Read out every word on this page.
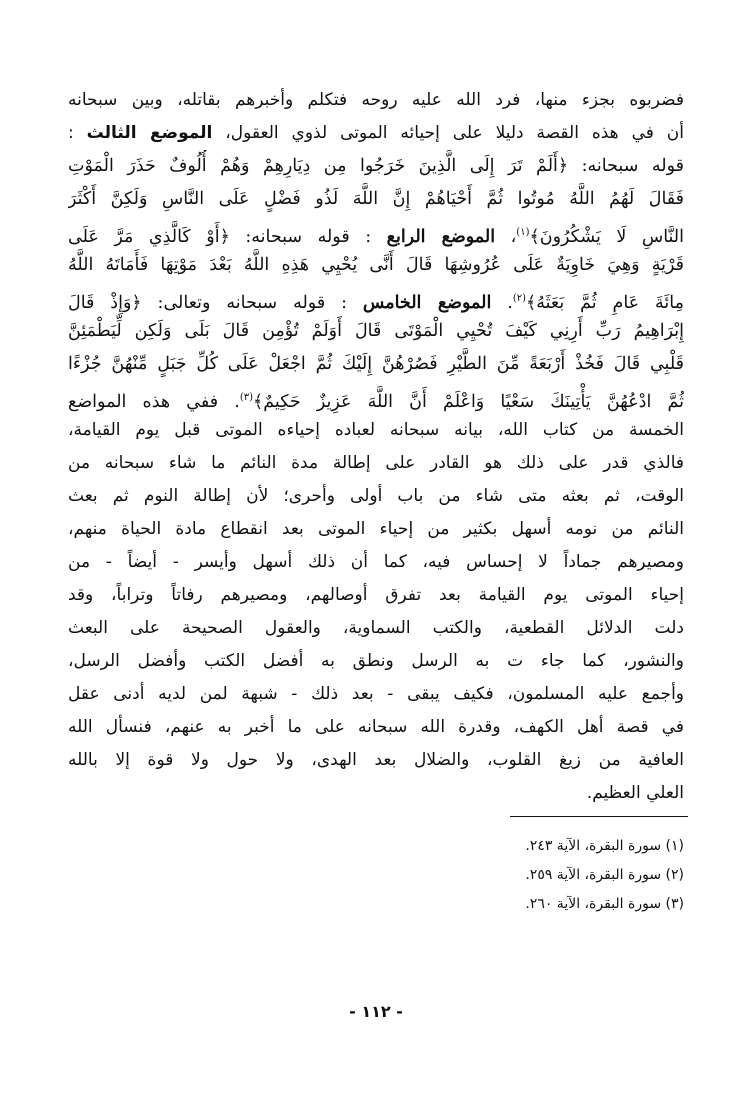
فضربوه بجزء منها، فرد الله عليه روحه فتكلم وأخبرهم بقاتله، وبين سبحانه
أن في هذه القصة دليلا على إحيائه الموتى لذوي العقول، الموضع الثالث :
قوله سبحانه: ﴿أَلَمْ تَرَ إِلَى الَّذِينَ خَرَجُوا مِن دِيَارِهِمْ وَهُمْ أُلُوفٌ حَذَرَ الْمَوْتِ
فَقَالَ لَهُمُ اللَّهُ مُوتُوا ثُمَّ أَحْيَاهُمْ إِنَّ اللَّهَ لَذُو فَضْلٍ عَلَى النَّاسِ وَلَكِنَّ أَكْثَرَ
النَّاسِ لَا يَشْكُرُونَ﴾$^{(١)}$، الموضع الرابع : قوله سبحانه: ﴿أَوْ كَالَّذِي مَرَّ عَلَى
قَرْيَةٍ وَهِيَ خَاوِيَةٌ عَلَى عُرُوشِهَا قَالَ أَنَّى يُحْيِي هَذِهِ اللَّهُ بَعْدَ مَوْتِهَا فَأَمَاتَهُ اللَّهُ
مِائَةَ عَامٍ ثُمَّ بَعَثَهُ﴾$^{(٢)}$. الموضع الخامس : قوله سبحانه وتعالى: ﴿وَإِذْ قَالَ
إِبْرَاهِيمُ رَبِّ أَرِنِي كَيْفَ تُحْيِي الْمَوْتَى قَالَ أَوَلَمْ تُؤْمِن قَالَ بَلَى وَلَكِن لِّيَطْمَئِنَّ
قَلْبِي قَالَ فَخُذْ أَرْبَعَةً مِّنَ الطَّيْرِ فَصُرْهُنَّ إِلَيْكَ ثُمَّ اجْعَلْ عَلَى كُلِّ جَبَلٍ مِّنْهُنَّ جُزْءًا
ثُمَّ ادْعُهُنَّ يَأْتِينَكَ سَعْيًا وَاعْلَمْ أَنَّ اللَّهَ عَزِيزٌ حَكِيمٌ﴾$^{(٣)}$. ففي هذه المواضع
الخمسة من كتاب الله، بيانه سبحانه لعباده إحياءه الموتى قبل يوم القيامة،
فالذي قدر على ذلك هو القادر على إطالة مدة النائم ما شاء سبحانه من
الوقت، ثم بعثه متى شاء من باب أولى وأحرى؛ لأن إطالة النوم ثم بعث
النائم من نومه أسهل بكثير من إحياء الموتى بعد انقطاع مادة الحياة منهم،
ومصيرهم جماداً لا إحساس فيه، كما أن ذلك أسهل وأيسر - أيضاً - من
إحياء الموتى يوم القيامة بعد تفرق أوصالهم، ومصيرهم رفاتاً وتراباً، وقد
دلت الدلائل القطعية، والكتب السماوية، والعقول الصحيحة على البعث
والنشور، كما جاء ت به الرسل ونطق به أفضل الكتب وأفضل الرسل،
وأجمع عليه المسلمون، فكيف يبقى - بعد ذلك - شبهة لمن لديه أدنى عقل
في قصة أهل الكهف، وقدرة الله سبحانه على ما أخبر به عنهم، فنسأل الله
العافية من زيغ القلوب، والضلال بعد الهدى، ولا حول ولا قوة إلا بالله
العلي العظيم.
(١) سورة البقرة، الآية ٢٤٣.
(٢) سورة البقرة، الآية ٢٥٩.
(٣) سورة البقرة، الآية ٢٦٠.
- ١١٢ -
